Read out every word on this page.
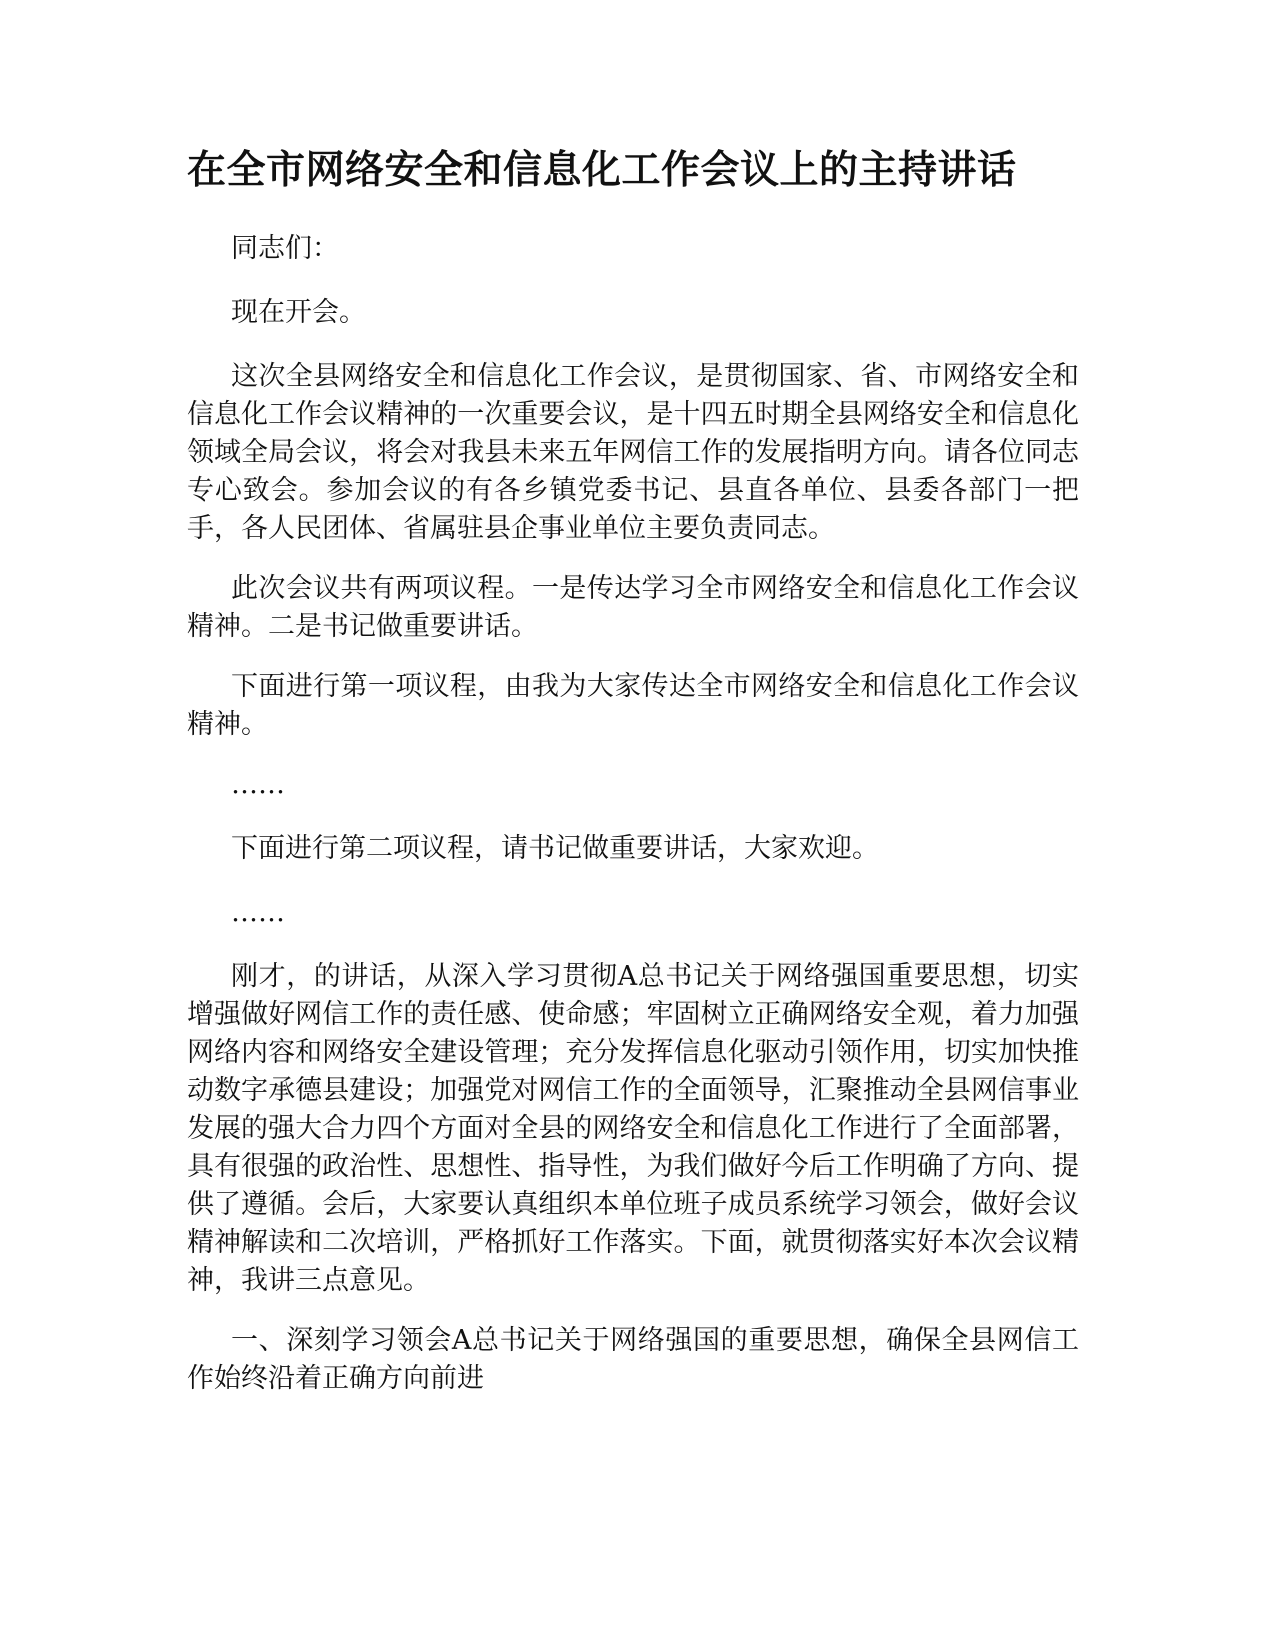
在全市网络安全和信息化工作会议上的主持讲话

同志们：

现在开会。

这次全县网络安全和信息化工作会议，是贯彻国家、省、市网络安全和信息化工作会议精神的一次重要会议，是十四五时期全县网络安全和信息化领域全局会议，将会对我县未来五年网信工作的发展指明方向。请各位同志专心致会。参加会议的有各乡镇党委书记、县直各单位、县委各部门一把手，各人民团体、省属驻县企事业单位主要负责同志。

此次会议共有两项议程。一是传达学习全市网络安全和信息化工作会议精神。二是书记做重要讲话。

下面进行第一项议程，由我为大家传达全市网络安全和信息化工作会议精神。

……

下面进行第二项议程，请书记做重要讲话，大家欢迎。

……

刚才，的讲话，从深入学习贯彻A总书记关于网络强国重要思想，切实增强做好网信工作的责任感、使命感；牢固树立正确网络安全观，着力加强网络内容和网络安全建设管理；充分发挥信息化驱动引领作用，切实加快推动数字承德县建设；加强党对网信工作的全面领导，汇聚推动全县网信事业发展的强大合力四个方面对全县的网络安全和信息化工作进行了全面部署，具有很强的政治性、思想性、指导性，为我们做好今后工作明确了方向、提供了遵循。会后，大家要认真组织本单位班子成员系统学习领会，做好会议精神解读和二次培训，严格抓好工作落实。下面，就贯彻落实好本次会议精神，我讲三点意见。

一、深刻学习领会A总书记关于网络强国的重要思想，确保全县网信工作始终沿着正确方向前进
